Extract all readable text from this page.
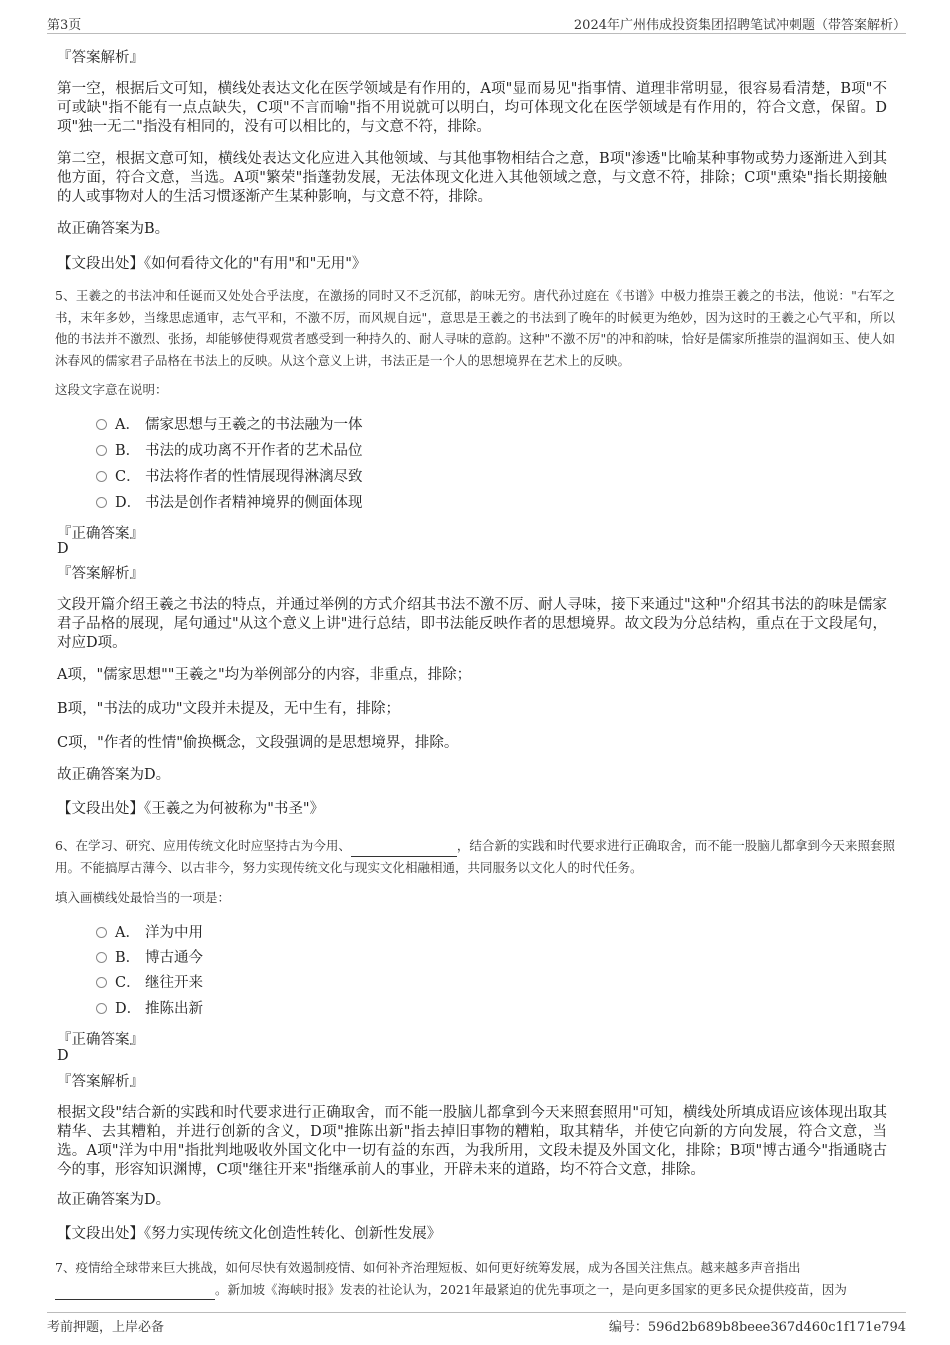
第3页	2024年广州伟成投资集团招聘笔试冲刺题（带答案解析）
『答案解析』
第一空，根据后文可知，横线处表达文化在医学领域是有作用的，A项"显而易见"指事情、道理非常明显，很容易看清楚，B项"不可或缺"指不能有一点点缺失，C项"不言而喻"指不用说就可以明白，均可体现文化在医学领域是有作用的，符合文意，保留。D项"独一无二"指没有相同的，没有可以相比的，与文意不符，排除。
第二空，根据文意可知，横线处表达文化应进入其他领域、与其他事物相结合之意，B项"渗透"比喻某种事物或势力逐渐进入到其他方面，符合文意，当选。A项"繁荣"指蓬勃发展，无法体现文化进入其他领域之意，与文意不符，排除；C项"熏染"指长期接触的人或事物对人的生活习惯逐渐产生某种影响，与文意不符，排除。
故正确答案为B。
【文段出处】《如何看待文化的"有用"和"无用"》
5、王羲之的书法冲和任诞而又处处合乎法度，在激扬的同时又不乏沉郁，韵味无穷。唐代孙过庭在《书谱》中极力推崇王羲之的书法，他说："右军之书，末年多妙，当缘思虑通审，志气平和，不激不厉，而风规自远"，意思是王羲之的书法到了晚年的时候更为绝妙，因为这时的王羲之心气平和，所以他的书法并不激烈、张扬，却能够使得观赏者感受到一种持久的、耐人寻味的意韵。这种"不激不厉"的冲和韵味，恰好是儒家所推崇的温润如玉、使人如沐春风的儒家君子品格在书法上的反映。从这个意义上讲，书法正是一个人的思想境界在艺术上的反映。
这段文字意在说明：
A． 儒家思想与王羲之的书法融为一体
B． 书法的成功离不开作者的艺术品位
C． 书法将作者的性情展现得淋漓尽致
D． 书法是创作者精神境界的侧面体现
『正确答案』
D
『答案解析』
文段开篇介绍王羲之书法的特点，并通过举例的方式介绍其书法不激不厉、耐人寻味，接下来通过"这种"介绍其书法的韵味是儒家君子品格的展现，尾句通过"从这个意义上讲"进行总结，即书法能反映作者的思想境界。故文段为分总结构，重点在于文段尾句，对应D项。
A项，"儒家思想""王羲之"均为举例部分的内容，非重点，排除；
B项，"书法的成功"文段并未提及，无中生有，排除；
C项，"作者的性情"偷换概念，文段强调的是思想境界，排除。
故正确答案为D。
【文段出处】《王羲之为何被称为"书圣"》
6、在学习、研究、应用传统文化时应坚持古为今用、	，结合新的实践和时代要求进行正确取舍，而不能一股脑儿都拿到今天来照套照用。不能搞厚古薄今、以古非今，努力实现传统文化与现实文化相融相通，共同服务以文化人的时代任务。
填入画横线处最恰当的一项是：
A． 洋为中用
B． 博古通今
C． 继往开来
D． 推陈出新
『正确答案』
D
『答案解析』
根据文段"结合新的实践和时代要求进行正确取舍，而不能一股脑儿都拿到今天来照套照用"可知，横线处所填成语应该体现出取其精华、去其糟粕，并进行创新的含义，D项"推陈出新"指去掉旧事物的糟粕，取其精华，并使它向新的方向发展，符合文意，当选。A项"洋为中用"指批判地吸收外国文化中一切有益的东西，为我所用，文段未提及外国文化，排除；B项"博古通今"指通晓古今的事，形容知识渊博，C项"继往开来"指继承前人的事业，开辟未来的道路，均不符合文意，排除。
故正确答案为D。
【文段出处】《努力实现传统文化创造性转化、创新性发展》
7、疫情给全球带来巨大挑战，如何尽快有效遏制疫情、如何补齐治理短板、如何更好统筹发展，成为各国关注焦点。越来越多声音指出
。新加坡《海峡时报》发表的社论认为，2021年最紧迫的优先事项之一，是向更多国家的更多民众提供疫苗，因为
考前押题，上岸必备	编号：596d2b689b8beee367d460c1f171e794
